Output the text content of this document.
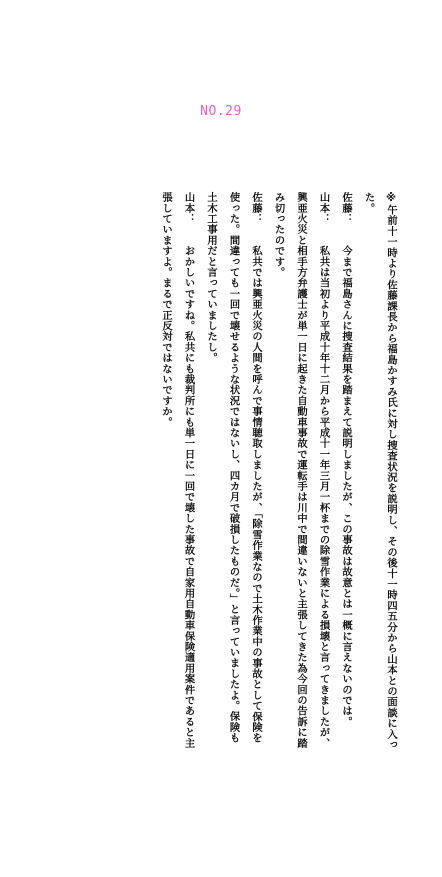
NO.29

※午前十一時より佐藤課長から福島かすみ氏に対し捜査状況を説明し、その後十一時四五分から山本との面談に入った。

佐藤：今まで福島さんに捜査結果を踏まえて説明しましたが、この事故は故意とは一概に言えないのでは。

山本：私共は当初より平成十年十二月から平成十一年三月一杯までの除雪作業による損壊と言ってきましたが、興亜火災と相手方弁護士が単一日に起きた自動車事故で運転手は川中で間違いないと主張してきた為今回の告訴に踏み切ったのです。

佐藤：私共では興亜火災の人間を呼んで事情聴取しましたが、「除雪作業なので土木作業中の事故として保険を使った。間違っても一回で壊せるような状況ではないし、四カ月で破損したものだ。」と言っていましたよ。保険も土木工事用だと言っていましたし。

山本：おかしいですね。私共にも裁判所にも単一日に一回で壊した事故で自家用自動車保険適用案件であると主張していますよ。まるで正反対ではないですか。
